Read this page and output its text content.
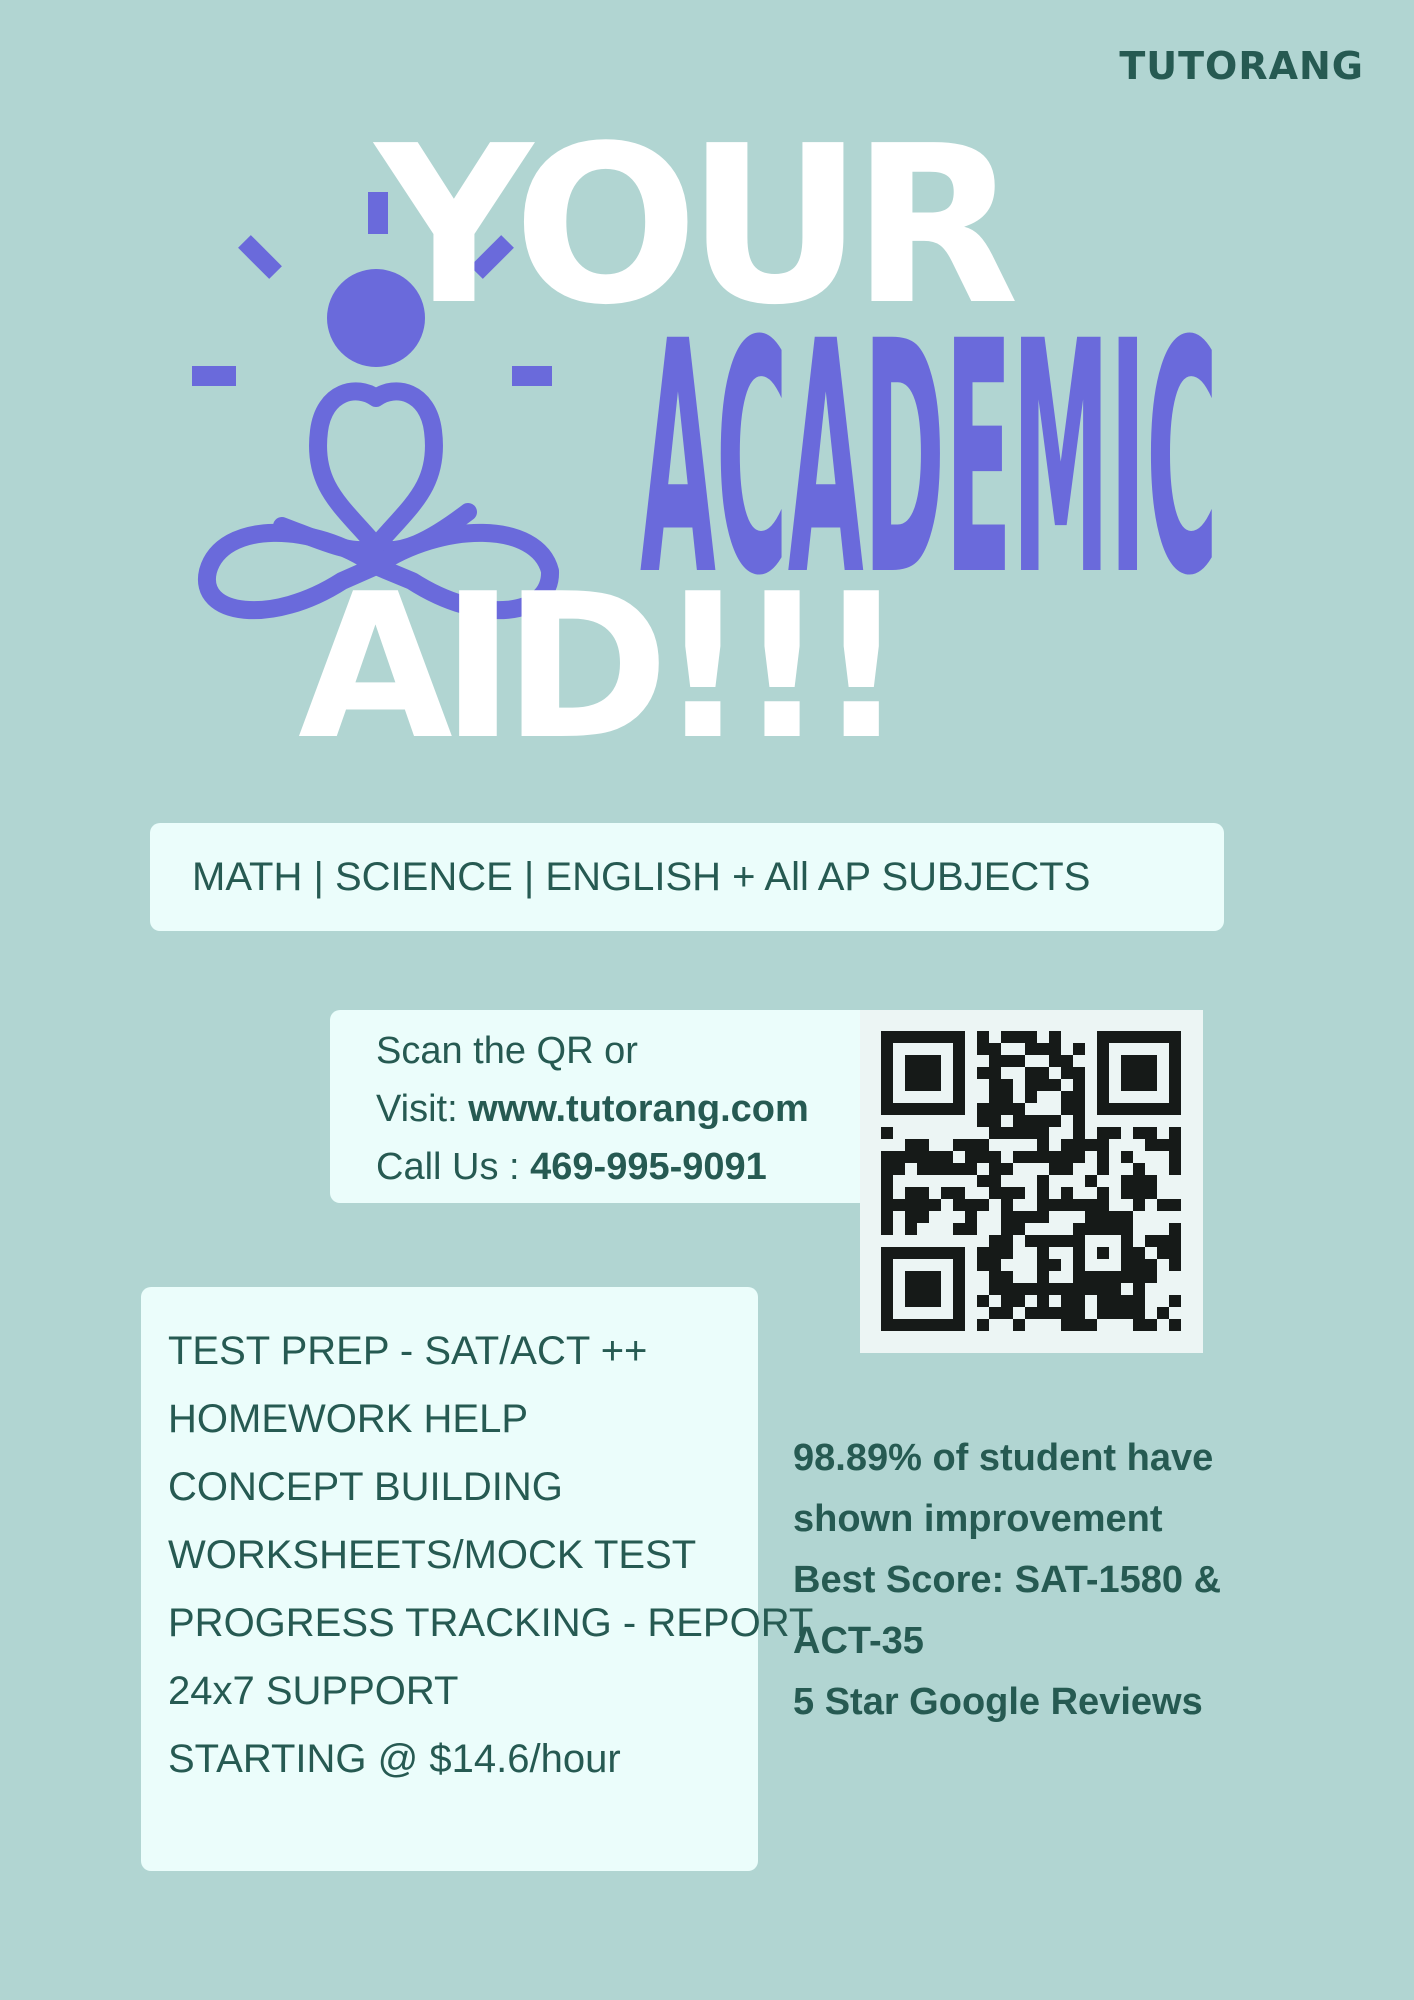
TUTORANG
YOUR
ACADEMIC
AID!!!
MATH | SCIENCE | ENGLISH + All AP SUBJECTS
Scan the QR or
Visit: www.tutorang.com
Call Us : 469-995-9091
TEST PREP - SAT/ACT ++
HOMEWORK HELP
CONCEPT BUILDING
WORKSHEETS/MOCK TEST
PROGRESS TRACKING - REPORT
24x7 SUPPORT
STARTING @ $14.6/hour
98.89% of student have
shown improvement
Best Score: SAT-1580 &
ACT-35
5 Star Google Reviews
